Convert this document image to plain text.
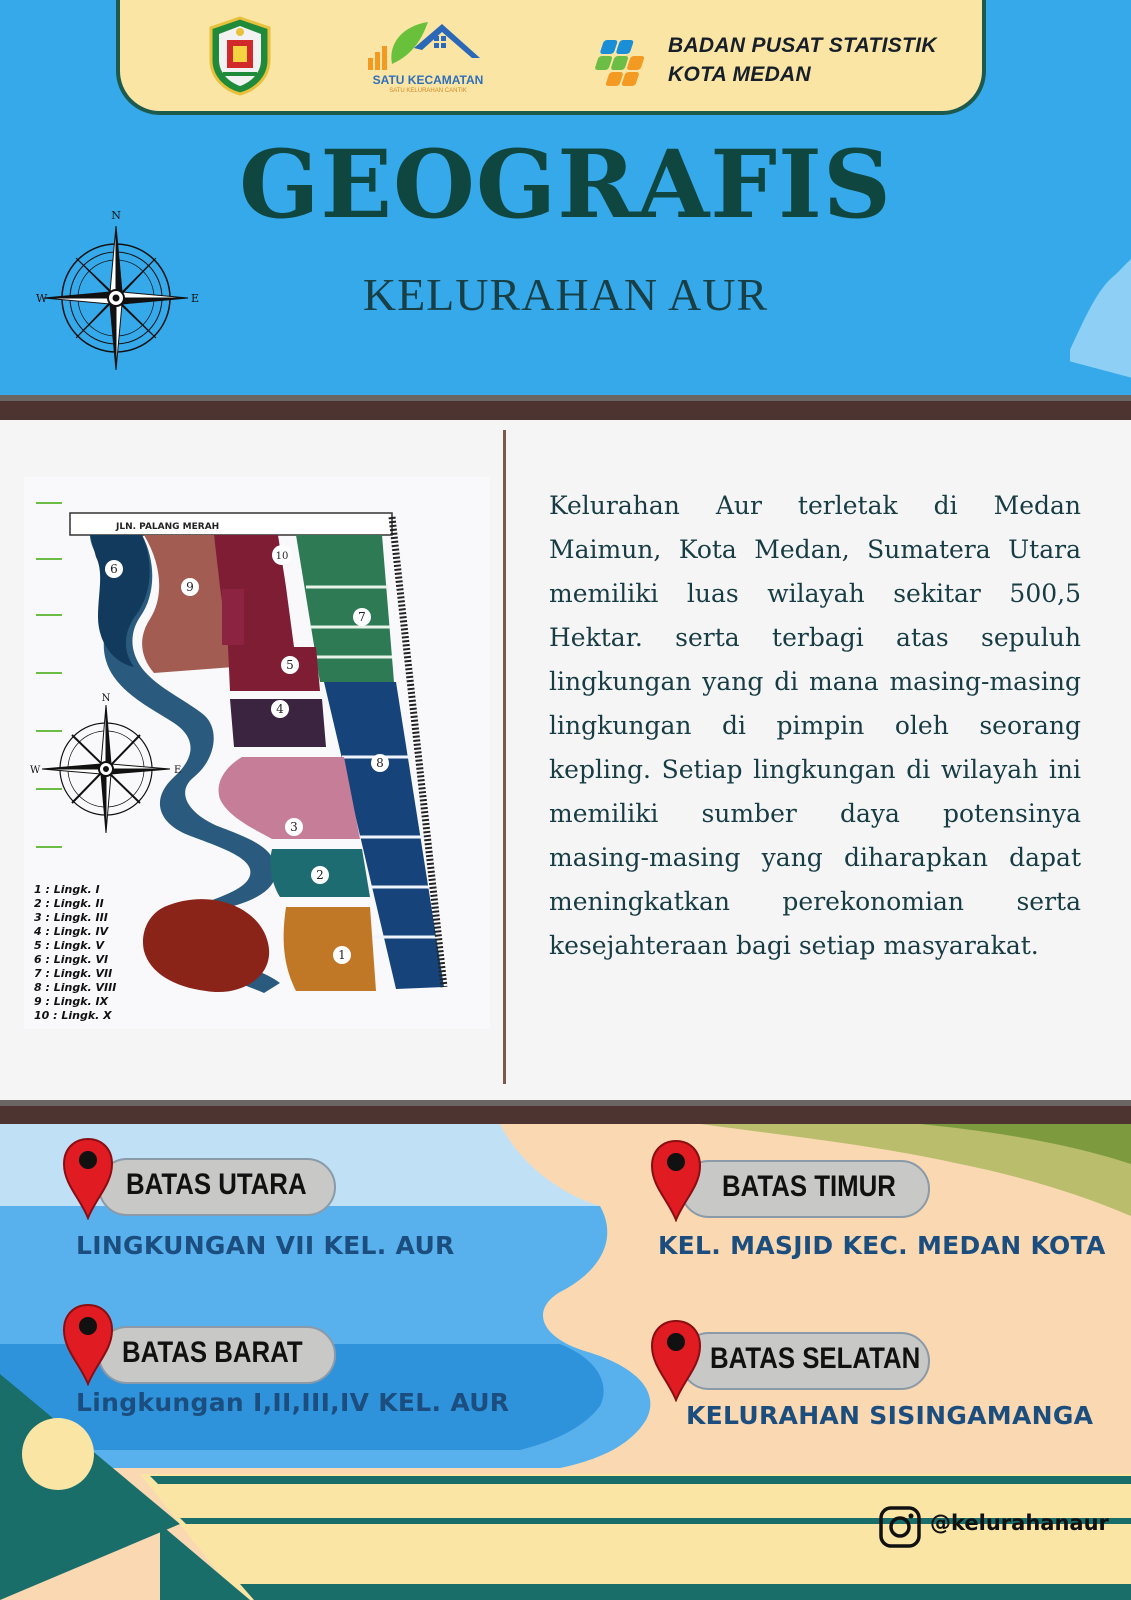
SATU KECAMATAN
SATU KELURAHAN CANTIK
BADAN PUSAT STATISTIK
KOTA MEDAN
GEOGRAFIS
KELURAHAN AUR
N
W	E
JLN. PALANG MERAH
1
2
3
4
5
6
7
8
9
10
N
W	E
1 : Lingk. I
2 : Lingk. II
3 : Lingk. III
4 : Lingk. IV
5 : Lingk. V
6 : Lingk. VI
7 : Lingk. VII
8 : Lingk. VIII
9 : Lingk. IX
10 : Lingk. X
Kelurahan Aur terletak di Medan Maimun, Kota Medan, Sumatera Utara memiliki luas wilayah sekitar 500,5 Hektar. serta terbagi atas sepuluh lingkungan yang di mana masing-masing lingkungan di pimpin oleh seorang kepling. Setiap lingkungan di wilayah ini memiliki sumber daya potensinya masing-masing yang diharapkan dapat meningkatkan perekonomian serta kesejahteraan bagi setiap masyarakat.
BATAS UTARA
LINGKUNGAN VII KEL. AUR
BATAS TIMUR
KEL. MASJID KEC. MEDAN KOTA
BATAS BARAT
Lingkungan I,II,III,IV KEL. AUR
BATAS SELATAN
KELURAHAN SISINGAMANGA
@kelurahanaur
